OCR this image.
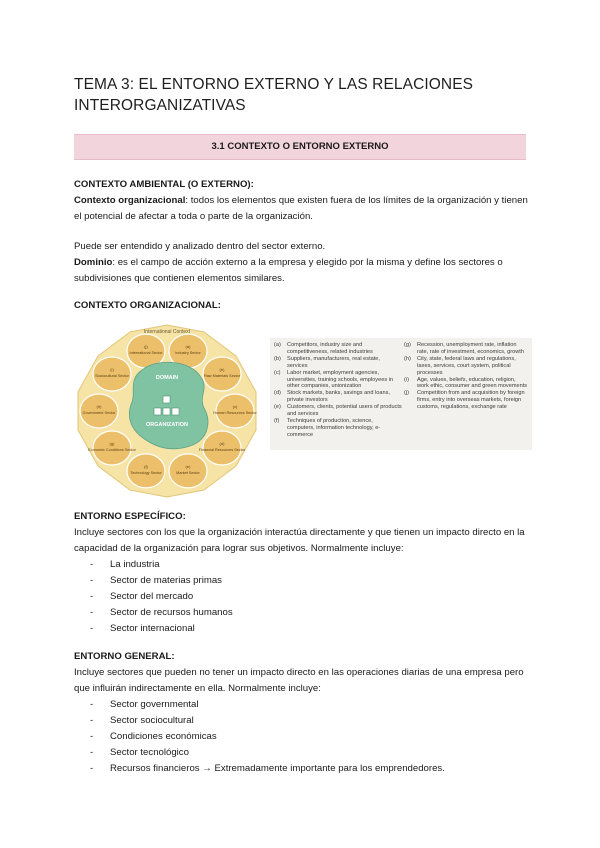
TEMA 3: EL ENTORNO EXTERNO Y LAS RELACIONES INTERORGANIZATIVAS
3.1 CONTEXTO O ENTORNO EXTERNO
CONTEXTO AMBIENTAL (O EXTERNO):
Contexto organizacional: todos los elementos que existen fuera de los límites de la organización y tienen el potencial de afectar a toda o parte de la organización.
Puede ser entendido y analizado dentro del sector externo.
Dominio: es el campo de acción externo a la empresa y elegido por la misma y define los sectores o subdivisiones que contienen elementos similares.
CONTEXTO ORGANIZACIONAL:
International Context
(a)
Industry Sector
(b)
Raw Materials Sector
(c)
Human Resources Sector
(d)
Financial Resources Sector
(e)
Market Sector
(f)
Technology Sector
(g)
Economic Conditions Sector
(h)
Government Sector
(i)
Sociocultural Sector
(j)
International Sector
DOMAIN
ORGANIZATION
(a)	Competitors, industry size and competitiveness, related industries
(b)	Suppliers, manufacturers, real estate, services
(c)	Labor market, employment agencies, universities, training schools, employees in other companies, unionization
(d)	Stock markets, banks, savings and loans, private investors
(e)	Customers, clients, potential users of products and services
(f)	Techniques of production, science, computers, information technology, e-commerce
(g)	Recession, unemployment rate, inflation rate, rate of investment, economics, growth
(h)	City, state, federal laws and regulations, taxes, services, court system, political processes
(i)	Age, values, beliefs, education, religion, work ethic, consumer and green movements
(j)	Competition from and acquisition by foreign firms, entry into overseas markets, foreign customs, regulations, exchange rate
ENTORNO ESPECÍFICO:
Incluye sectores con los que la organización interactúa directamente y que tienen un impacto directo en la capacidad de la organización para lograr sus objetivos. Normalmente incluye:
- La industria
- Sector de materias primas
- Sector del mercado
- Sector de recursos humanos
- Sector internacional
ENTORNO GENERAL:
Incluye sectores que pueden no tener un impacto directo en las operaciones diarias de una empresa pero que influirán indirectamente en ella. Normalmente incluye:
- Sector governmental
- Sector sociocultural
- Condiciones económicas
- Sector tecnológico
- Recursos financieros → Extremadamente importante para los emprendedores.
